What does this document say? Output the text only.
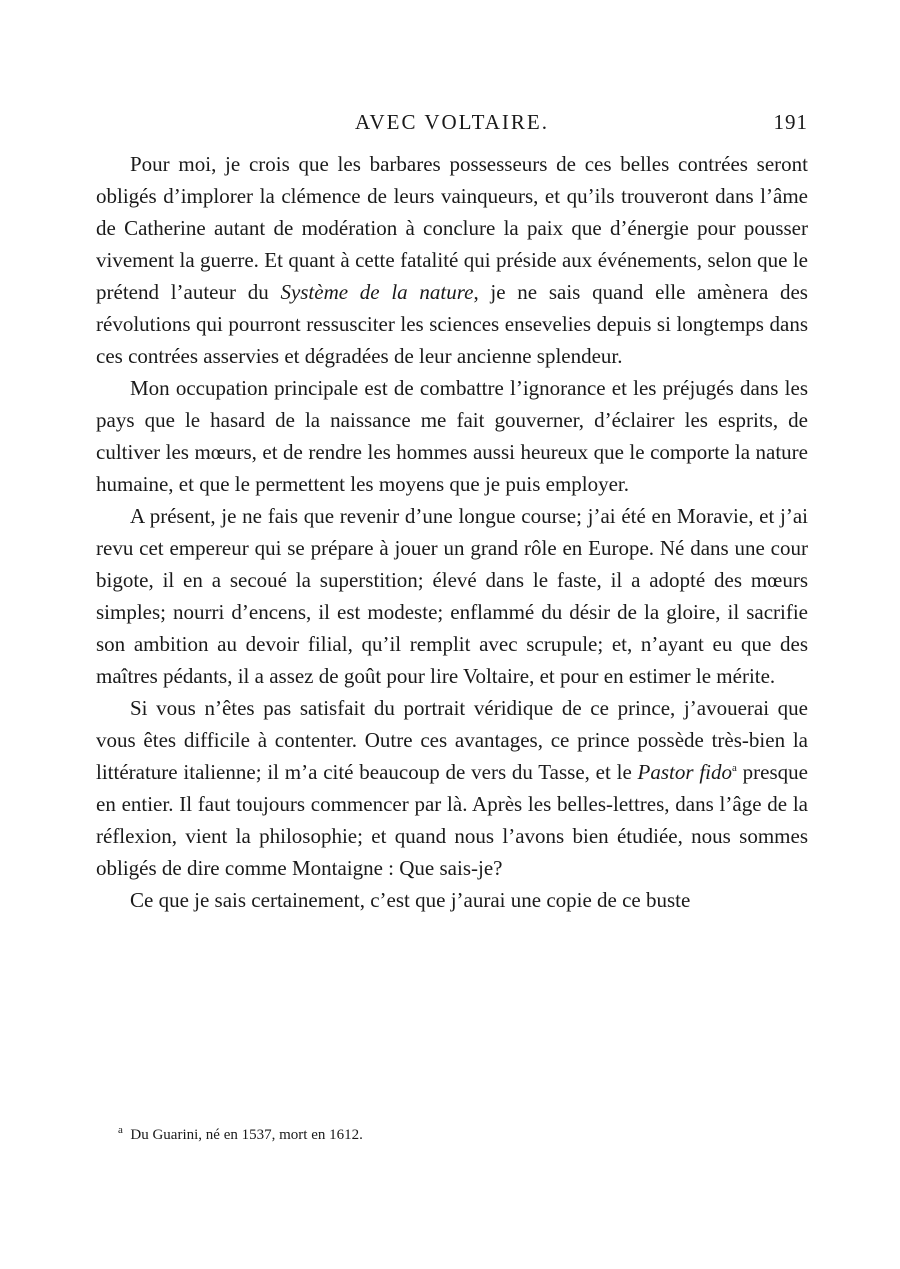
AVEC VOLTAIRE.	191

Pour moi, je crois que les barbares possesseurs de ces belles contrées seront obligés d’implorer la clémence de leurs vainqueurs, et qu’ils trouveront dans l’âme de Catherine autant de modération à conclure la paix que d’énergie pour pousser vivement la guerre. Et quant à cette fatalité qui préside aux événements, selon que le prétend l’auteur du Système de la nature, je ne sais quand elle amènera des révolutions qui pourront ressusciter les sciences ensevelies depuis si longtemps dans ces contrées asservies et dégradées de leur ancienne splendeur.

Mon occupation principale est de combattre l’ignorance et les préjugés dans les pays que le hasard de la naissance me fait gouverner, d’éclairer les esprits, de cultiver les mœurs, et de rendre les hommes aussi heureux que le comporte la nature humaine, et que le permettent les moyens que je puis employer.

A présent, je ne fais que revenir d’une longue course; j’ai été en Moravie, et j’ai revu cet empereur qui se prépare à jouer un grand rôle en Europe. Né dans une cour bigote, il en a secoué la superstition; élevé dans le faste, il a adopté des mœurs simples; nourri d’encens, il est modeste; enflammé du désir de la gloire, il sacrifie son ambition au devoir filial, qu’il remplit avec scrupule; et, n’ayant eu que des maîtres pédants, il a assez de goût pour lire Voltaire, et pour en estimer le mérite.

Si vous n’êtes pas satisfait du portrait véridique de ce prince, j’avouerai que vous êtes difficile à contenter. Outre ces avantages, ce prince possède très-bien la littérature italienne; il m’a cité beaucoup de vers du Tasse, et le Pastor fido$^a$ presque en entier. Il faut toujours commencer par là. Après les belles-lettres, dans l’âge de la réflexion, vient la philosophie; et quand nous l’avons bien étudiée, nous sommes obligés de dire comme Montaigne : Que sais-je?

Ce que je sais certainement, c’est que j’aurai une copie de ce buste

$^a$ Du Guarini, né en 1537, mort en 1612.
